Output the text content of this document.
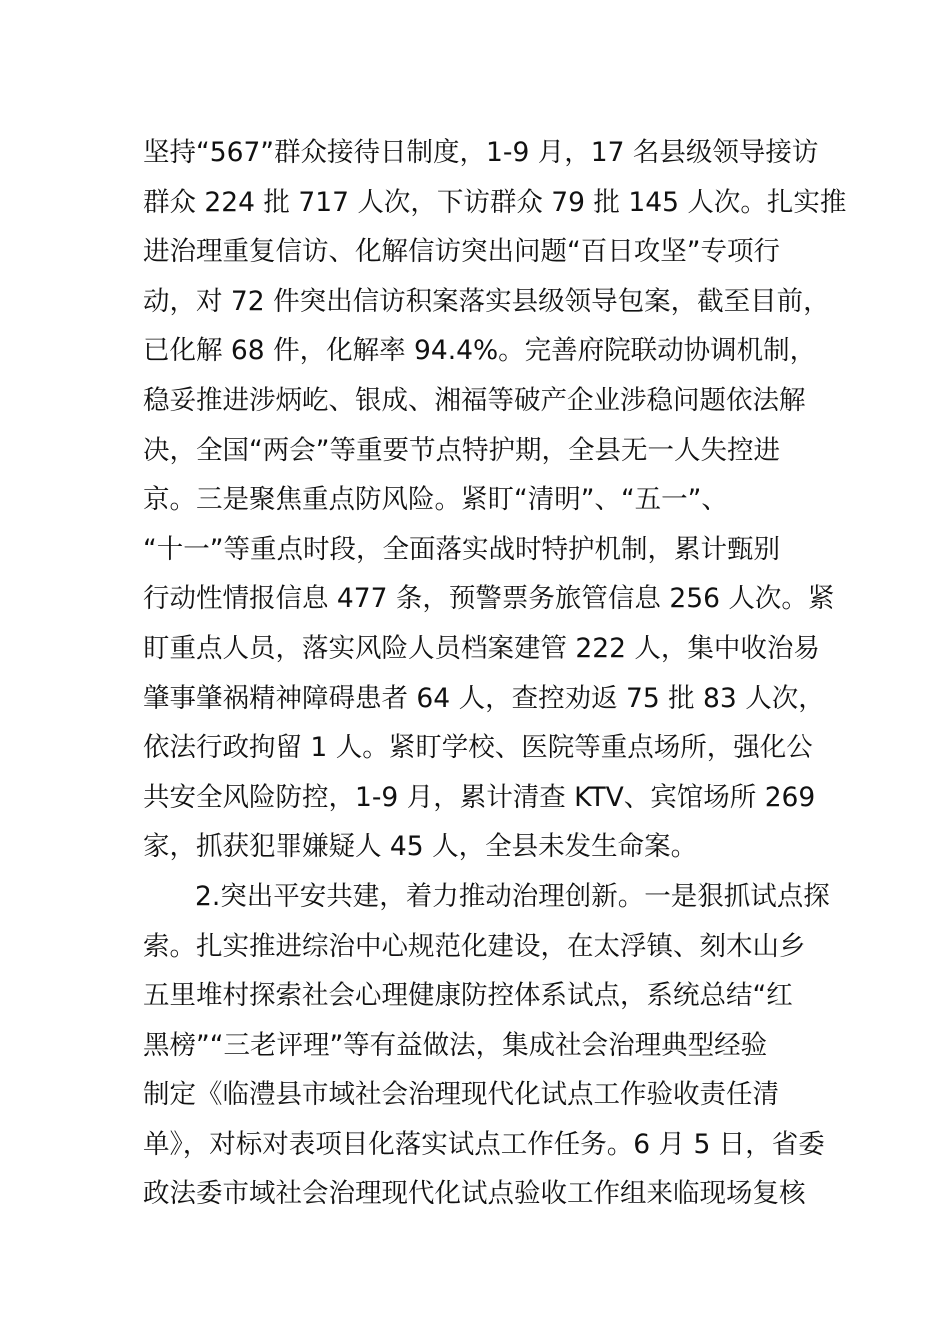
坚持“567”群众接待日制度，1-9 月，17 名县级领导接访
群众 224 批 717 人次，下访群众 79 批 145 人次。扎实推
进治理重复信访、化解信访突出问题“百日攻坚”专项行
动，对 72 件突出信访积案落实县级领导包案，截至目前，
已化解 68 件，化解率 94.4%。完善府院联动协调机制，
稳妥推进涉炳屹、银成、湘福等破产企业涉稳问题依法解
决，全国“两会”等重要节点特护期，全县无一人失控进
京。三是聚焦重点防风险。紧盯“清明”、“五一”、
“十一”等重点时段，全面落实战时特护机制，累计甄别
行动性情报信息 477 条，预警票务旅管信息 256 人次。紧
盯重点人员，落实风险人员档案建管 222 人，集中收治易
肇事肇祸精神障碍患者 64 人，查控劝返 75 批 83 人次，
依法行政拘留 1 人。紧盯学校、医院等重点场所，强化公
共安全风险防控，1-9 月，累计清查 KTV、宾馆场所 269
家，抓获犯罪嫌疑人 45 人，全县未发生命案。
2.突出平安共建，着力推动治理创新。一是狠抓试点探
索。扎实推进综治中心规范化建设，在太浮镇、刻木山乡
五里堆村探索社会心理健康防控体系试点，系统总结“红
黑榜”“三老评理”等有益做法，集成社会治理典型经验
制定《临澧县市域社会治理现代化试点工作验收责任清
单》，对标对表项目化落实试点工作任务。6 月 5 日，省委
政法委市域社会治理现代化试点验收工作组来临现场复核
